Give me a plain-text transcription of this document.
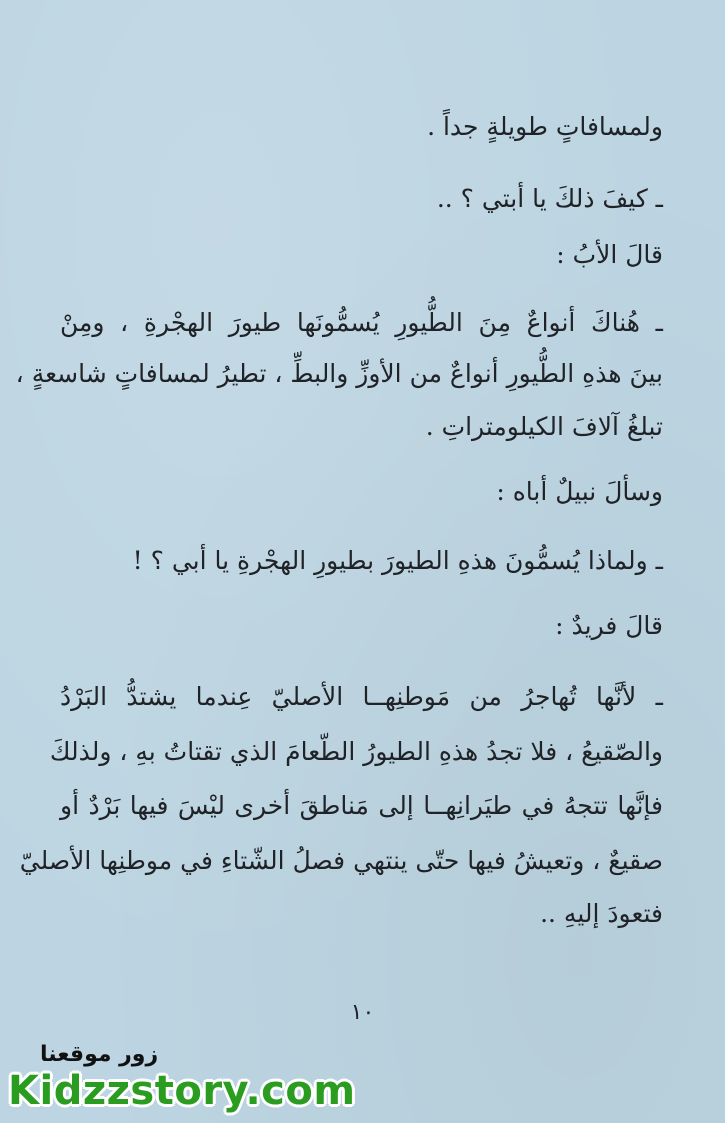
ولمسافاتٍ طويلةٍ جداً .
ـ كيفَ ذلكَ يا أبتي ؟ ..
قالَ الأبُ :
ـ هُناكَ أنواعٌ مِنَ الطُّيورِ يُسمُّونَها طيورَ الهجْرةِ ، ومِنْ
بينَ هذهِ الطُّيورِ أنواعٌ من الأوزِّ والبطِّ ، تطيرُ لمسافاتٍ شاسعةٍ ،
تبلغُ آلافَ الكيلومتراتِ .
وسألَ نبيلٌ أباه :
ـ ولماذا يُسمُّونَ هذهِ الطيورَ بطيورِ الهجْرةِ يا أبي ؟ !
قالَ فريدٌ :
ـ لأنَّها تُهاجرُ من مَوطنِهــا الأصليّ عِندما يشتدُّ البَرْدُ
والصّقيعُ ، فلا تجدُ هذهِ الطيورُ الطّعامَ الذي تقتاتُ بهِ ، ولذلكَ
فإنَّها تتجهُ في طيَرانِهــا إلى مَناطقَ أخرى ليْسَ فيها بَرْدٌ أو
صقيعٌ ، وتعيشُ فيها حتّى ينتهي فصلُ الشّتاءِ في موطنِها الأصليّ
فتعودَ إليهِ ..
١٠
زور موقعنا
Kidzzstory.com
